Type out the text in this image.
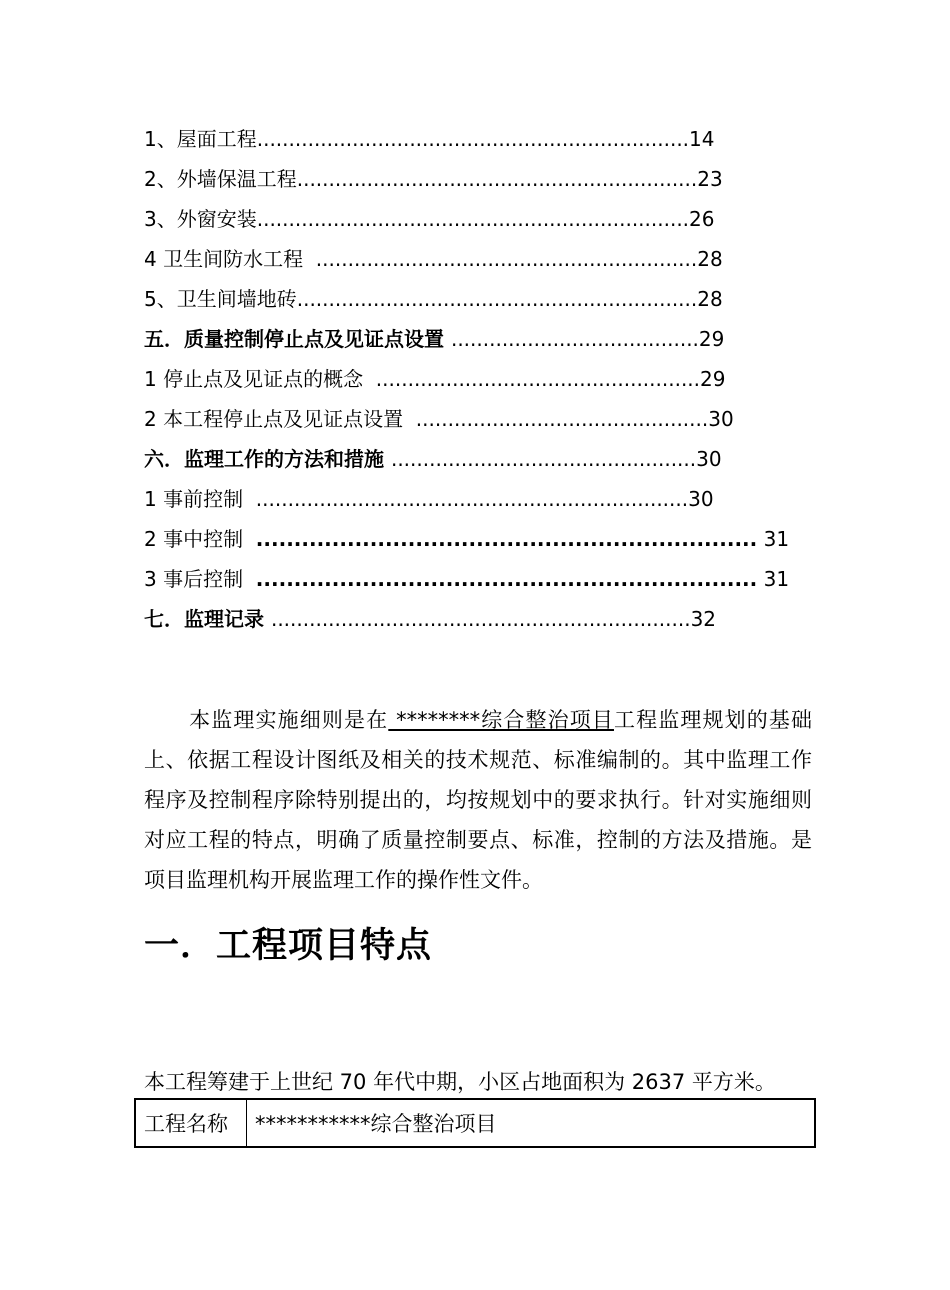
1、屋面工程....................................................................14
2、外墙保温工程...............................................................23
3、外窗安装....................................................................26
4 卫生间防水工程  ............................................................28
5、卫生间墙地砖...............................................................28
五．质量控制停止点及见证点设置 .......................................29
1 停止点及见证点的概念  ...................................................29
2 本工程停止点及见证点设置  ..............................................30
六．监理工作的方法和措施 ................................................30
1 事前控制  ....................................................................30
2 事中控制  .................................................................. 31
3 事后控制  .................................................................. 31
七．监理记录 ..................................................................32
本监理实施细则是在 ********综合整治项目工程监理规划的基础上、依据工程设计图纸及相关的技术规范、标准编制的。其中监理工作程序及控制程序除特别提出的，均按规划中的要求执行。针对实施细则对应工程的特点，明确了质量控制要点、标准，控制的方法及措施。是项目监理机构开展监理工作的操作性文件。
一．工程项目特点
本工程筹建于上世纪 70 年代中期，小区占地面积为 2637 平方米。
工程名称	***********综合整治项目
